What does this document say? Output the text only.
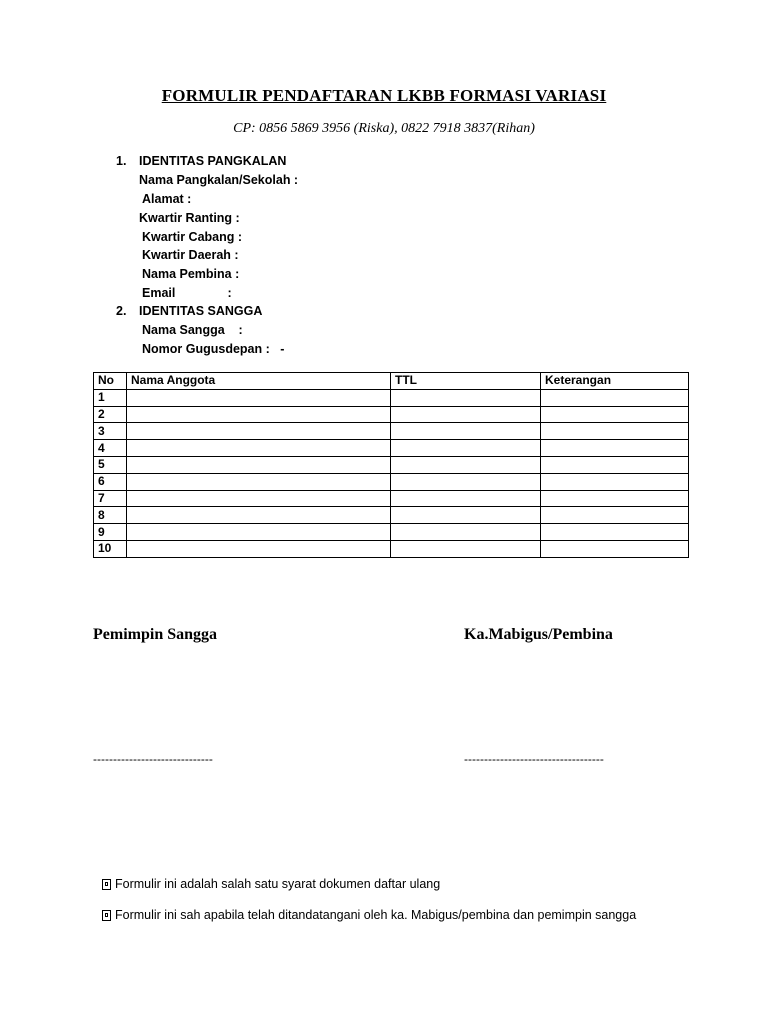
FORMULIR PENDAFTARAN LKBB FORMASI VARIASI
CP: 0856 5869 3956 (Riska), 0822 7918 3837(Rihan)
1. IDENTITAS PANGKALAN
Nama Pangkalan/Sekolah :
Alamat :
Kwartir Ranting :
Kwartir Cabang :
Kwartir Daerah :
Nama Pembina :
Email               :
2. IDENTITAS SANGGA
Nama Sangga    :
Nomor Gugusdepan :   -
No	Nama Anggota	TTL	Keterangan
1			
2			
3			
4			
5			
6			
7			
8			
9			
10			
Pemimpin Sangga	Ka.Mabigus/Pembina
------------------------------	-----------------------------------
Formulir ini adalah salah satu syarat dokumen daftar ulang
Formulir ini sah apabila telah ditandatangani oleh ka. Mabigus/pembina dan pemimpin sangga
